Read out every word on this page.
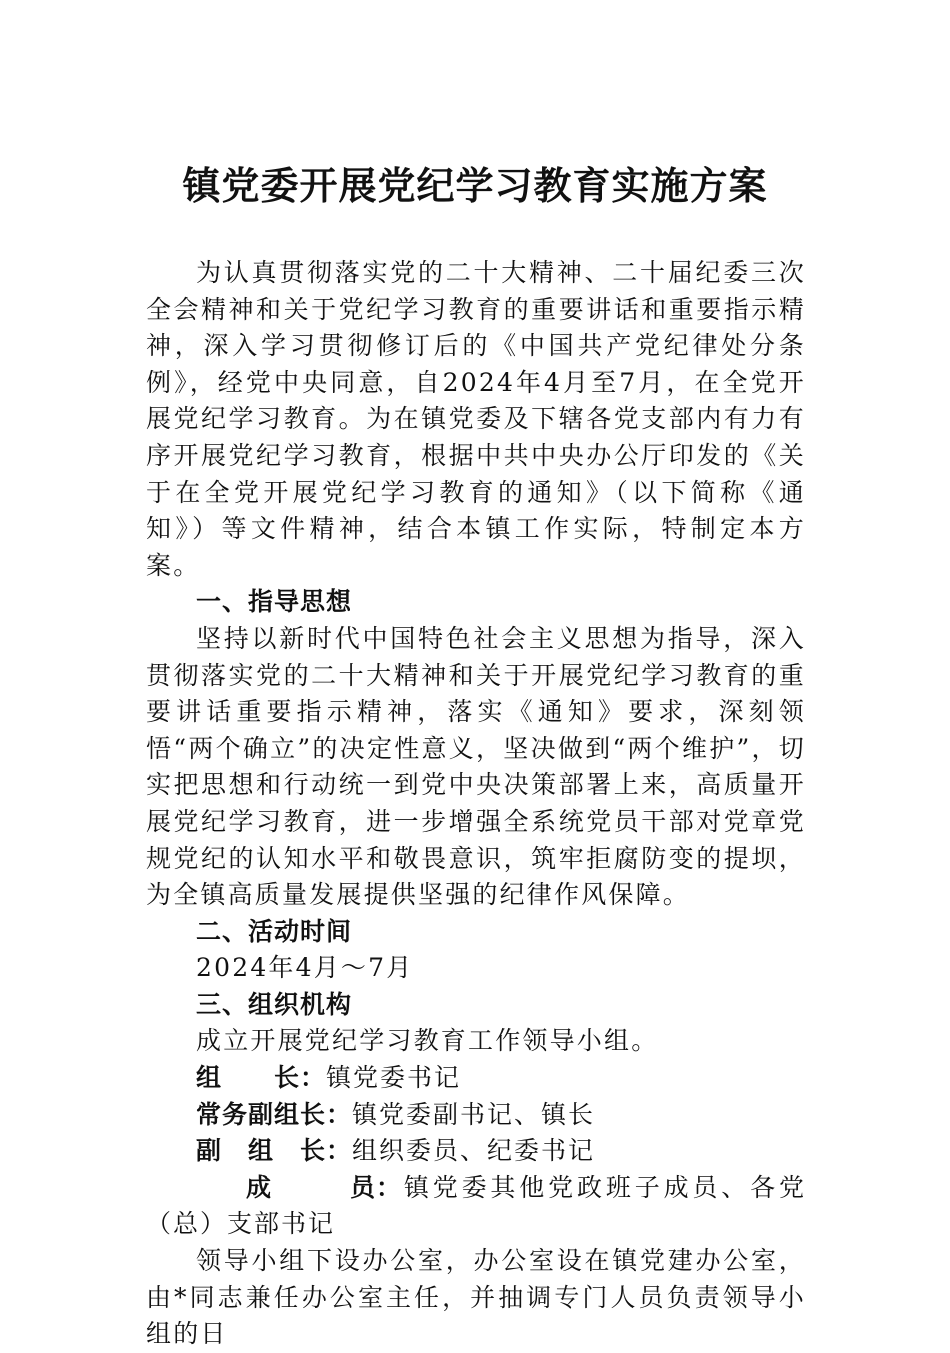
镇党委开展党纪学习教育实施方案

为认真贯彻落实党的二十大精神、二十届纪委三次全会精神和关于党纪学习教育的重要讲话和重要指示精神，深入学习贯彻修订后的《中国共产党纪律处分条例》，经党中央同意，自2024年4月至7月，在全党开展党纪学习教育。为在镇党委及下辖各党支部内有力有序开展党纪学习教育，根据中共中央办公厅印发的《关于在全党开展党纪学习教育的通知》（以下简称《通知》）等文件精神，结合本镇工作实际，特制定本方案。

一、指导思想

坚持以新时代中国特色社会主义思想为指导，深入贯彻落实党的二十大精神和关于开展党纪学习教育的重要讲话重要指示精神，落实《通知》要求，深刻领悟“两个确立”的决定性意义，坚决做到“两个维护”，切实把思想和行动统一到党中央决策部署上来，高质量开展党纪学习教育，进一步增强全系统党员干部对党章党规党纪的认知水平和敬畏意识，筑牢拒腐防变的提坝，为全镇高质量发展提供坚强的纪律作风保障。

二、活动时间

2024年4月～7月

三、组织机构

成立开展党纪学习教育工作领导小组。

组　　长：镇党委书记

常务副组长：镇党委副书记、镇长

副　组　长：组织委员、纪委书记

成　　　员：镇党委其他党政班子成员、各党（总）支部书记

领导小组下设办公室，办公室设在镇党建办公室，由*同志兼任办公室主任，并抽调专门人员负责领导小组的日
